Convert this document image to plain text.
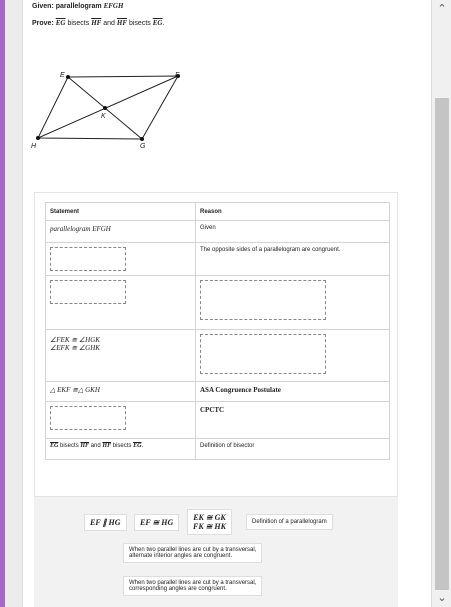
Given: parallelogram EFGH
Prove: $\overline{EG}$ bisects $\overline{HF}$ and $\overline{HF}$ bisects $\overline{EG}$.
E	F
G
H
K
Statement	Reason
parallelogram EFGH	Given

	The opposite sides of a parallelogram are congruent.

∠FEK ≅ ∠HGK
∠EFK ≅ ∠GHK	

△ EKF ≅△ GKH	ASA Congruence Postulate

	CPCTC
$\overline{EG}$ bisects $\overline{HF}$ and $\overline{HF}$ bisects $\overline{EG}$.	Definition of bisector
EF ∥ HG	EF ≅ HG
EK ≅ GK
FK ≅ HK	Definition of a parallelogram
When two parallel lines are cut by a transversal,
alternate interior angles are congruent.
When two parallel lines are cut by a transversal,
corresponding angles are congruent.
⌃
⌄
